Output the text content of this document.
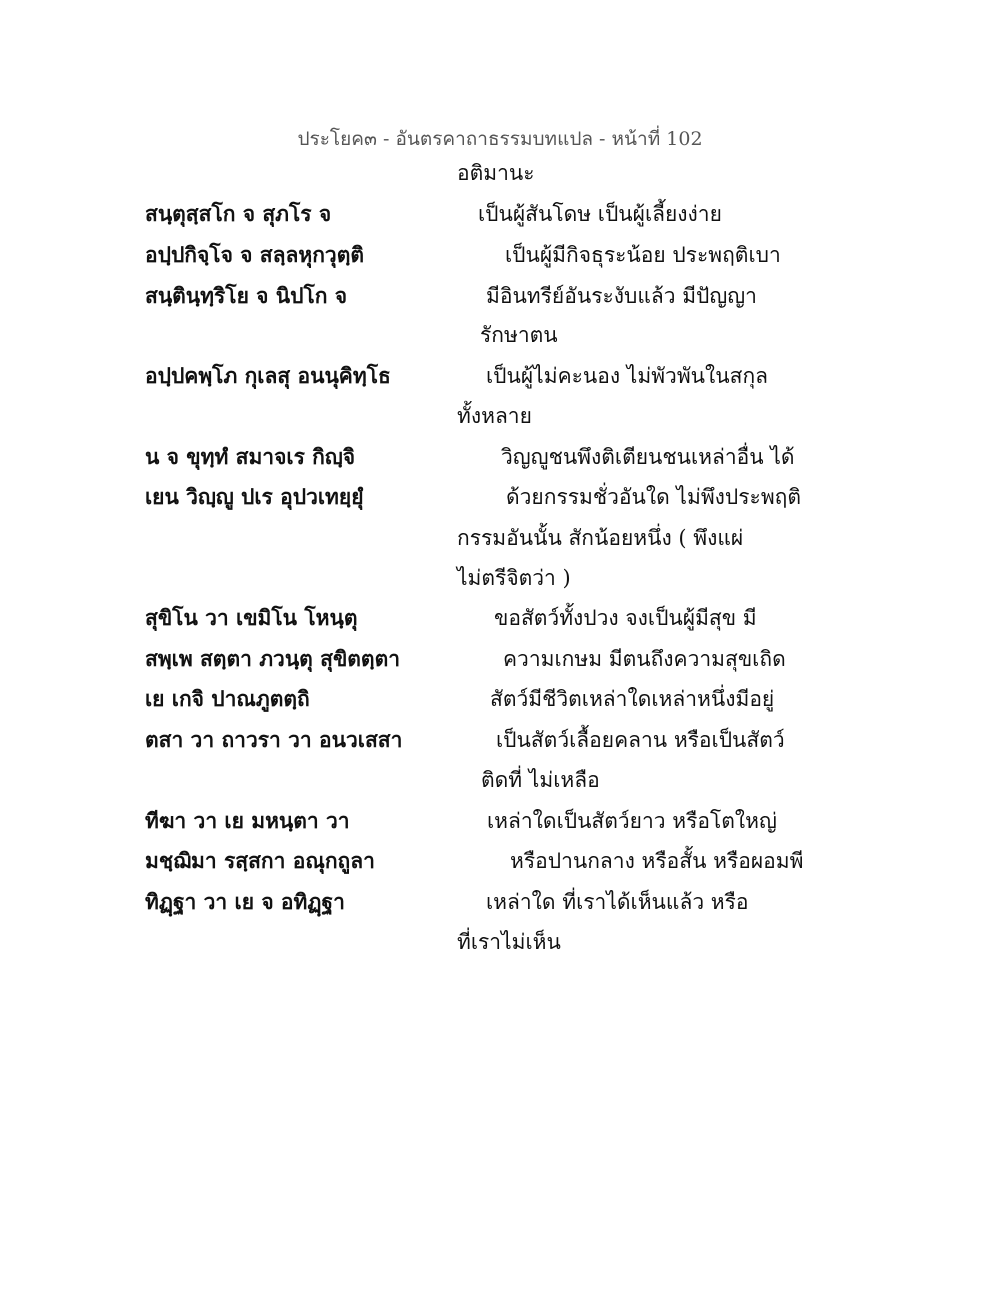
ประโยค๓ - อันตรคาถาธรรมบทแปล - หน้าที่ 102
สนฺตุสฺสโก จ สุภโร จ
อปฺปกิจฺโจ จ สลฺลหุกวุตฺติ
สนฺตินฺทฺริโย จ นิปโก จ
อปฺปคพฺโภ กุเลสุ อนนุคิทฺโธ
น จ ขุทฺทํ สมาจเร กิญฺจิ
เยน วิญฺญู ปเร อุปวเทยฺยุํ
สุขิโน วา เขมิโน โหนฺตุ
สพฺเพ สตฺตา ภวนฺตุ สุขิตตฺตา
เย เกจิ ปาณภูตตฺถิ
ตสา วา ถาวรา วา อนวเสสา
ทีฆา วา เย มหนฺตา วา
มชฺฌิมา รสฺสกา อณุกถูลา
ทิฏฺฐา วา เย จ อทิฏฺฐา
อติมานะ
เป็นผู้สันโดษ เป็นผู้เลี้ยงง่าย
เป็นผู้มีกิจธุระน้อย ประพฤติเบา
มีอินทรีย์อันระงับแล้ว มีปัญญา
รักษาตน
เป็นผู้ไม่คะนอง ไม่พัวพันในสกุล
ทั้งหลาย
วิญญูชนพึงติเตียนชนเหล่าอื่น ได้
ด้วยกรรมชั่วอันใด ไม่พึงประพฤติ
กรรมอันนั้น สักน้อยหนึ่ง ( พึงแผ่
ไม่ตรีจิตว่า )
ขอสัตว์ทั้งปวง จงเป็นผู้มีสุข มี
ความเกษม มีตนถึงความสุขเถิด
สัตว์มีชีวิตเหล่าใดเหล่าหนึ่งมีอยู่
เป็นสัตว์เลื้อยคลาน หรือเป็นสัตว์
ติดที่ ไม่เหลือ
เหล่าใดเป็นสัตว์ยาว หรือโตใหญ่
หรือปานกลาง หรือสั้น หรือผอมพี
เหล่าใด ที่เราได้เห็นแล้ว หรือ
ที่เราไม่เห็น
